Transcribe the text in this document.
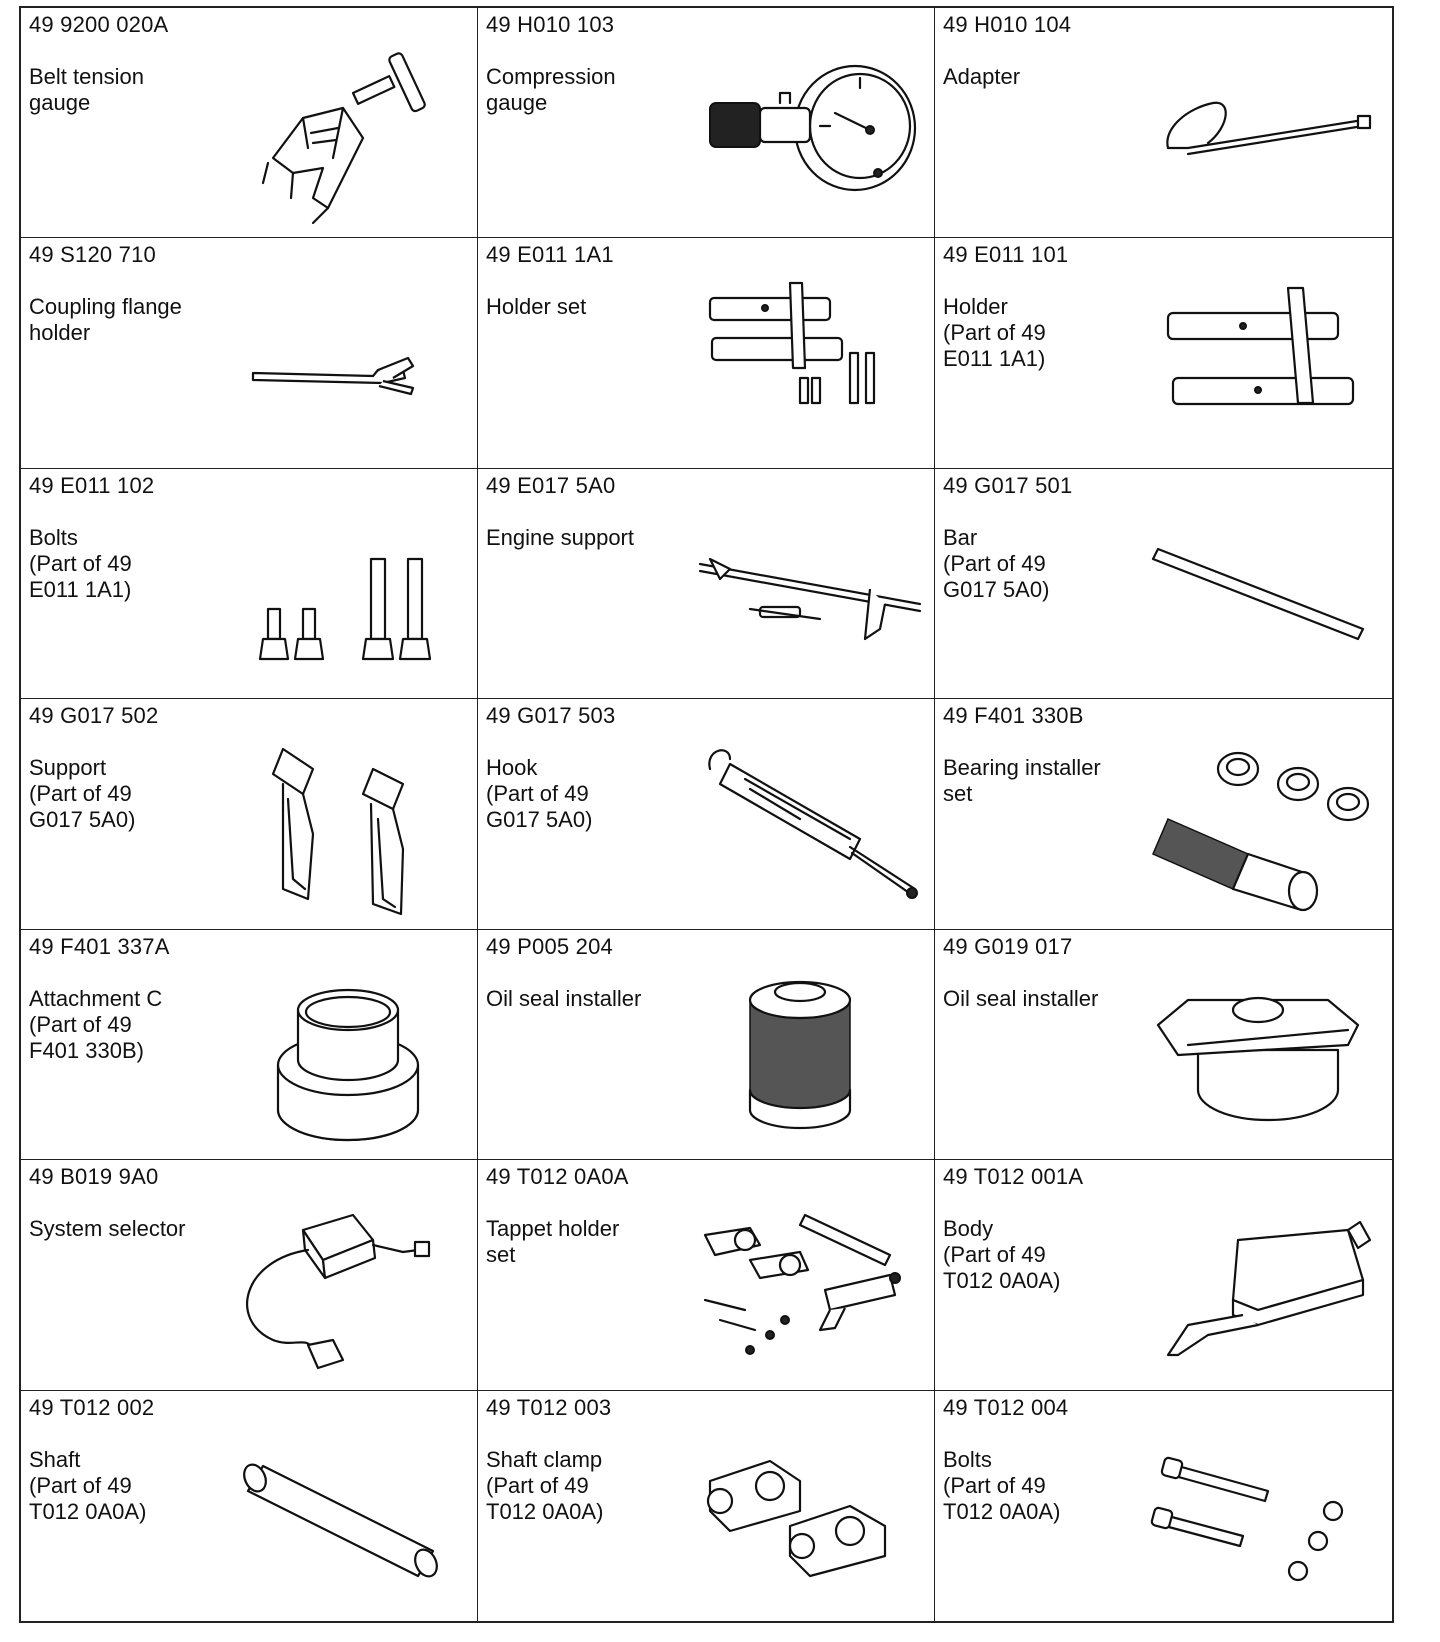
49 9200 020A
Belt tension
gauge
49 H010 103
Compression
gauge
49 H010 104
Adapter
49 S120 710
Coupling flange
holder
49 E011 1A1
Holder set
49 E011 101
Holder
(Part of 49
E011 1A1)
49 E011 102
Bolts
(Part of 49
E011 1A1)
49 E017 5A0
Engine support
49 G017 501
Bar
(Part of 49
G017 5A0)
49 G017 502
Support
(Part of 49
G017 5A0)
49 G017 503
Hook
(Part of 49
G017 5A0)
49 F401 330B
Bearing installer
set
49 F401 337A
Attachment C
(Part of 49
F401 330B)
49 P005 204
Oil seal installer
49 G019 017
Oil seal installer
49 B019 9A0
System selector
49 T012 0A0A
Tappet holder
set
49 T012 001A
Body
(Part of 49
T012 0A0A)
49 T012 002
Shaft
(Part of 49
T012 0A0A)
49 T012 003
Shaft clamp
(Part of 49
T012 0A0A)
49 T012 004
Bolts
(Part of 49
T012 0A0A)
